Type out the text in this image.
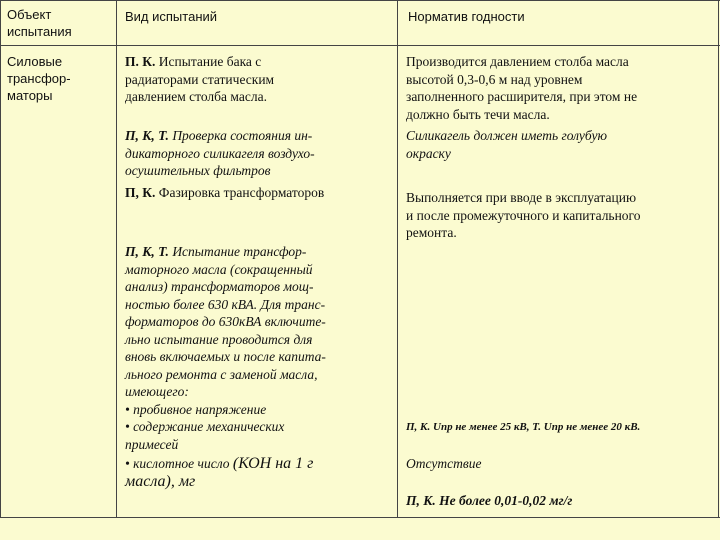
Объект
испытания
Вид испытаний	Норматив годности
Силовые
трансфор-
маторы
П. К. Испытание бака с
радиаторами статическим
давлением столба масла.
П, К, Т. Проверка состояния ин-
дикаторного силикагеля воздухо-
осушительных фильтров
П, К. Фазировка трансформаторов
П, К, Т. Испытание трансфор-
маторного масла (сокращенный
анализ) трансформаторов мощ-
ностью более 630 кВА. Для транс-
форматоров до 630кВА включите-
льно испытание проводится для
вновь включаемых и после капита-
льного ремонта с заменой масла,
имеющего:
• пробивное напряжение
• содержание механических
примесей
• кислотное число (КОН на 1 г
масла), мг
Производится давлением столба масла
высотой 0,3-0,6 м над уровнем
заполненного расширителя, при этом не
должно быть течи масла.
Силикагель должен иметь голубую
окраску
Выполняется при вводе в эксплуатацию
и после промежуточного и капитального
ремонта.
П, К. Uпр не менее 25 кВ, Т. Uпр не менее 20 кВ.
Отсутствие
П, К. Не более 0,01-0,02 мг/г
